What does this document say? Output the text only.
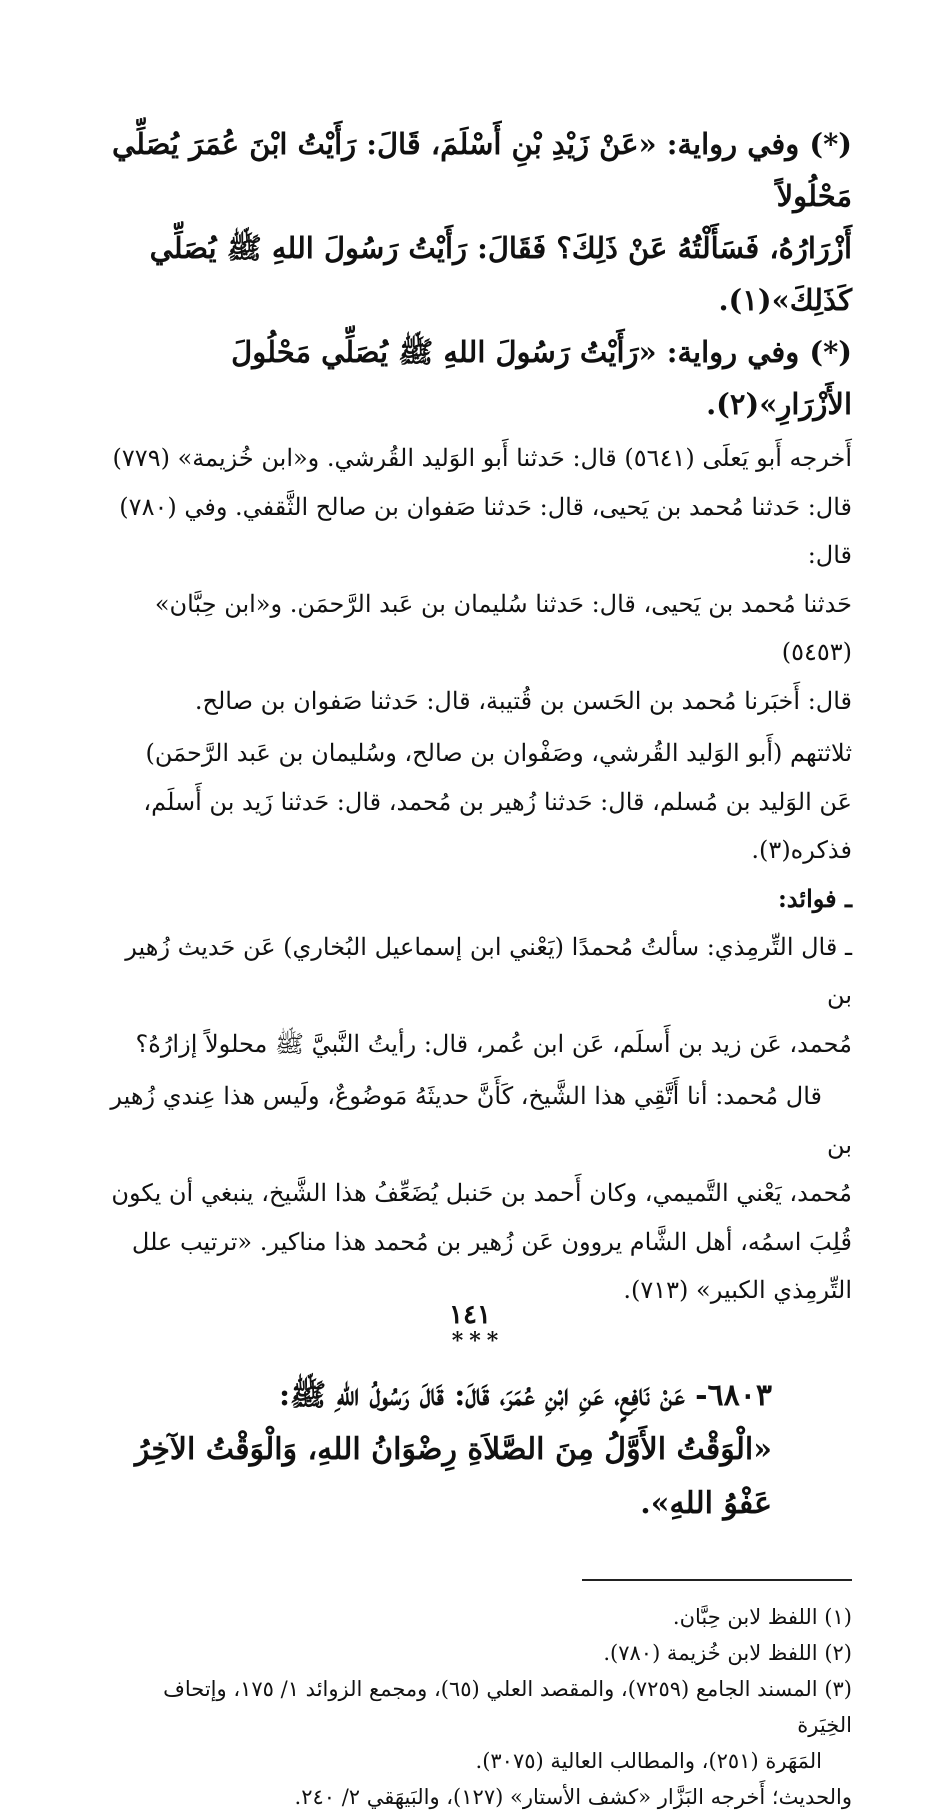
(*) وفي رواية: «عَنْ زَيْدِ بْنِ أَسْلَمَ، قَالَ: رَأَيْتُ ابْنَ عُمَرَ يُصَلِّي مَحْلُولاً
أَزْرَارُهُ، فَسَأَلْتُهُ عَنْ ذَلِكَ؟ فَقَالَ: رَأَيْتُ رَسُولَ اللهِ ﷺ يُصَلِّي كَذَلِكَ»(١).

(*) وفي رواية: «رَأَيْتُ رَسُولَ اللهِ ﷺ يُصَلِّي مَحْلُولَ الأَزْرَارِ»(٢).

أَخرجه أَبو يَعلَى (٥٦٤١) قال: حَدثنا أَبو الوَليد القُرشي. و«ابن خُزيمة» (٧٧٩)
قال: حَدثنا مُحمد بن يَحيى، قال: حَدثنا صَفوان بن صالح الثَّقفي. وفي (٧٨٠) قال:
حَدثنا مُحمد بن يَحيى، قال: حَدثنا سُليمان بن عَبد الرَّحمَن. و«ابن حِبَّان» (٥٤٥٣)
قال: أَخبَرنا مُحمد بن الحَسن بن قُتيبة، قال: حَدثنا صَفوان بن صالح.

ثلاثتهم (أَبو الوَليد القُرشي، وصَفْوان بن صالح، وسُليمان بن عَبد الرَّحمَن)
عَن الوَليد بن مُسلم، قال: حَدثنا زُهير بن مُحمد، قال: حَدثنا زَيد بن أَسلَم، فذكره(٣).

ـ فوائد:

ـ قال التِّرمِذي: سألتُ مُحمدًا (يَعْني ابن إسماعيل البُخاري) عَن حَديث زُهير بن
مُحمد، عَن زيد بن أَسلَم، عَن ابن عُمر، قال: رأيتُ النَّبيَّ ﷺ محلولاً إزارُهُ؟

قال مُحمد: أنا أَتَّقِي هذا الشَّيخ، كَأَنَّ حديثَهُ مَوضُوعٌ، ولَيس هذا عِندي زُهير بن
مُحمد، يَعْني التَّميمي، وكان أَحمد بن حَنبل يُضَعِّفُ هذا الشَّيخ، ينبغي أن يكون
قُلِبَ اسمُه، أهل الشَّام يروون عَن زُهير بن مُحمد هذا مناكير. «ترتيب علل
التِّرمِذي الكبير» (٧١٣).

***

٦٨٠٣- عَنْ نَافِعٍ، عَنِ ابْنِ عُمَرَ، قَالَ: قَالَ رَسُولُ اللهِ ﷺ:
«الْوَقْتُ الأَوَّلُ مِنَ الصَّلاَةِ رِضْوَانُ اللهِ، وَالْوَقْتُ الآخِرُ عَفْوُ اللهِ».

(١) اللفظ لابن حِبَّان.
(٢) اللفظ لابن خُزيمة (٧٨٠).
(٣) المسند الجامع (٧٢٥٩)، والمقصد العلي (٦٥)، ومجمع الزوائد ١/ ١٧٥، وإتحاف الخِيَرة
المَهَرة (٢٥١)، والمطالب العالية (٣٠٧٥).
والحديث؛ أَخرجه البَزَّار «كشف الأستار» (١٢٧)، والبَيهَقي ٢/ ٢٤٠.
١٤١
